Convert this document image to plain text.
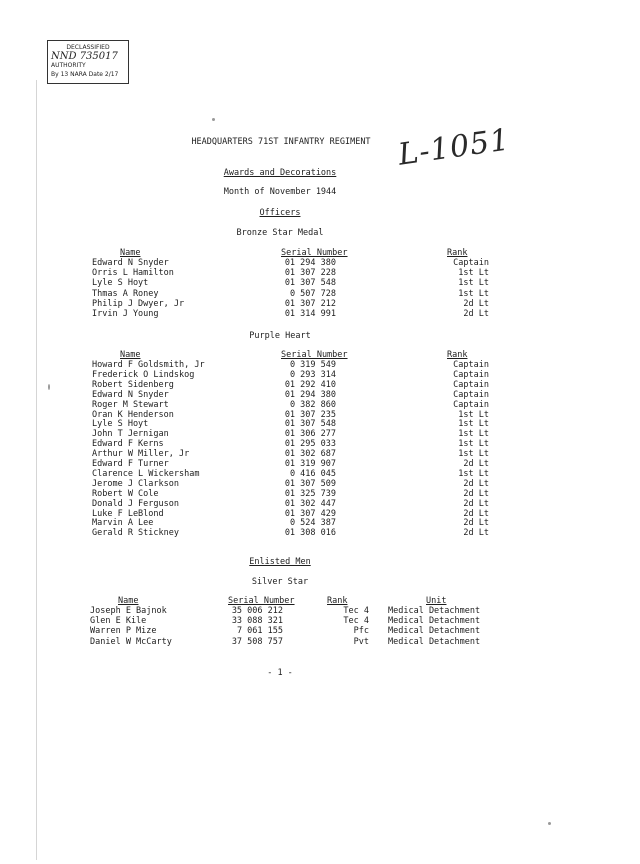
DECLASSIFIED
NND 735017
AUTHORITY
By 13 NARA Date 2/17
L-1051
HEADQUARTERS 71ST INFANTRY REGIMENT
Awards and Decorations
Month of November 1944
Officers
Bronze Star Medal
Name	Serial Number	Rank
Edward N Snyder	01 294 380	Captain
Orris L Hamilton	01 307 228	1st Lt
Lyle S Hoyt	01 307 548	1st Lt
Thmas A Roney	0 507 728	1st Lt
Philip J Dwyer, Jr	01 307 212	2d Lt
Irvin J Young	01 314 991	2d Lt
Purple Heart
Name	Serial Number	Rank
Howard F Goldsmith, Jr	0 319 549	Captain
Frederick O Lindskog	0 293 314	Captain
Robert Sidenberg	01 292 410	Captain
Edward N Snyder	01 294 380	Captain
Roger M Stewart	0 382 860	Captain
Oran K Henderson	01 307 235	1st Lt
Lyle S Hoyt	01 307 548	1st Lt
John T Jernigan	01 306 277	1st Lt
Edward F Kerns	01 295 033	1st Lt
Arthur W Miller, Jr	01 302 687	1st Lt
Edward F Turner	01 319 907	2d Lt
Clarence L Wickersham	0 416 045	1st Lt
Jerome J Clarkson	01 307 509	2d Lt
Robert W Cole	01 325 739	2d Lt
Donald J Ferguson	01 302 447	2d Lt
Luke F LeBlond	01 307 429	2d Lt
Marvin A Lee	0 524 387	2d Lt
Gerald R Stickney	01 308 016	2d Lt
Enlisted Men
Silver Star
Name	Serial Number	Rank	Unit
Joseph E Bajnok	35 006 212	Tec 4 Medical Detachment
Glen E Kile	33 088 321	Tec 4 Medical Detachment
Warren P Mize	7 061 155	Pfc Medical Detachment
Daniel W McCarty	37 508 757	Pvt Medical Detachment
- 1 -
